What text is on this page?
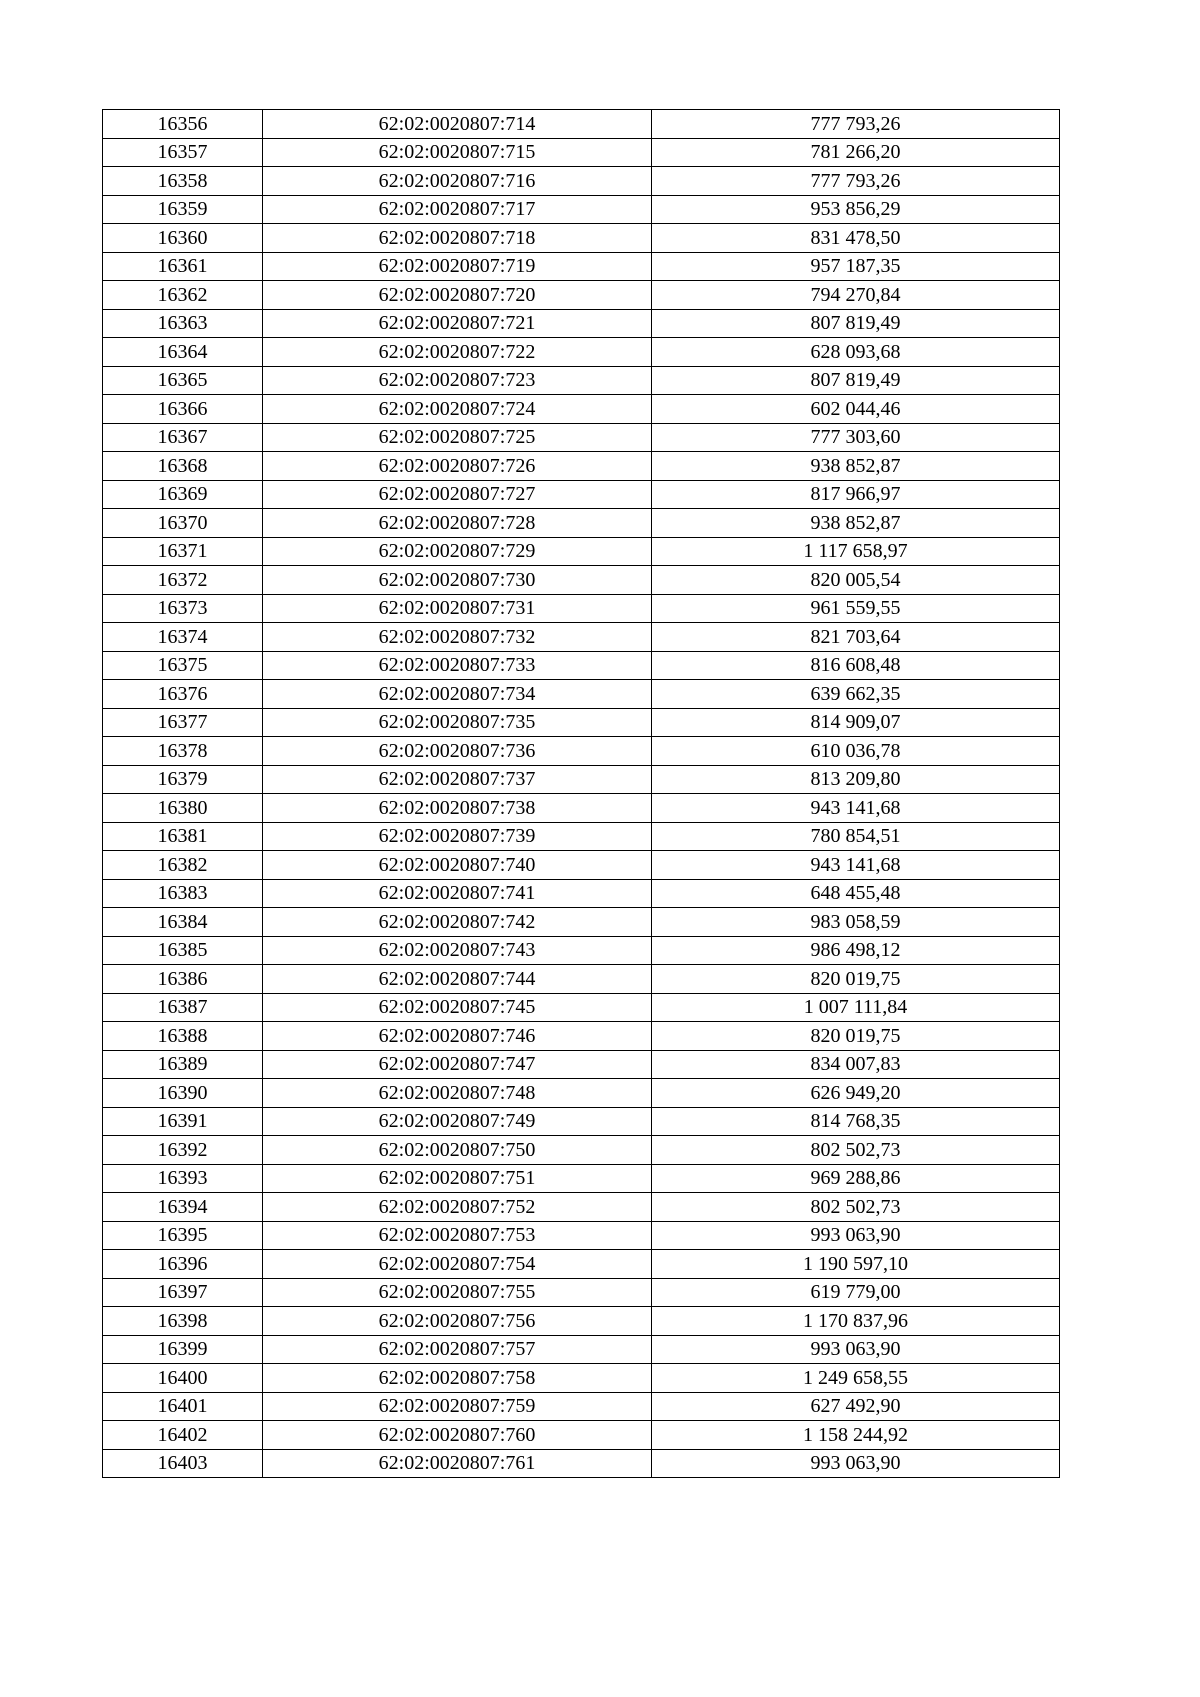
16356	62:02:0020807:714	777 793,26
16357	62:02:0020807:715	781 266,20
16358	62:02:0020807:716	777 793,26
16359	62:02:0020807:717	953 856,29
16360	62:02:0020807:718	831 478,50
16361	62:02:0020807:719	957 187,35
16362	62:02:0020807:720	794 270,84
16363	62:02:0020807:721	807 819,49
16364	62:02:0020807:722	628 093,68
16365	62:02:0020807:723	807 819,49
16366	62:02:0020807:724	602 044,46
16367	62:02:0020807:725	777 303,60
16368	62:02:0020807:726	938 852,87
16369	62:02:0020807:727	817 966,97
16370	62:02:0020807:728	938 852,87
16371	62:02:0020807:729	1 117 658,97
16372	62:02:0020807:730	820 005,54
16373	62:02:0020807:731	961 559,55
16374	62:02:0020807:732	821 703,64
16375	62:02:0020807:733	816 608,48
16376	62:02:0020807:734	639 662,35
16377	62:02:0020807:735	814 909,07
16378	62:02:0020807:736	610 036,78
16379	62:02:0020807:737	813 209,80
16380	62:02:0020807:738	943 141,68
16381	62:02:0020807:739	780 854,51
16382	62:02:0020807:740	943 141,68
16383	62:02:0020807:741	648 455,48
16384	62:02:0020807:742	983 058,59
16385	62:02:0020807:743	986 498,12
16386	62:02:0020807:744	820 019,75
16387	62:02:0020807:745	1 007 111,84
16388	62:02:0020807:746	820 019,75
16389	62:02:0020807:747	834 007,83
16390	62:02:0020807:748	626 949,20
16391	62:02:0020807:749	814 768,35
16392	62:02:0020807:750	802 502,73
16393	62:02:0020807:751	969 288,86
16394	62:02:0020807:752	802 502,73
16395	62:02:0020807:753	993 063,90
16396	62:02:0020807:754	1 190 597,10
16397	62:02:0020807:755	619 779,00
16398	62:02:0020807:756	1 170 837,96
16399	62:02:0020807:757	993 063,90
16400	62:02:0020807:758	1 249 658,55
16401	62:02:0020807:759	627 492,90
16402	62:02:0020807:760	1 158 244,92
16403	62:02:0020807:761	993 063,90
